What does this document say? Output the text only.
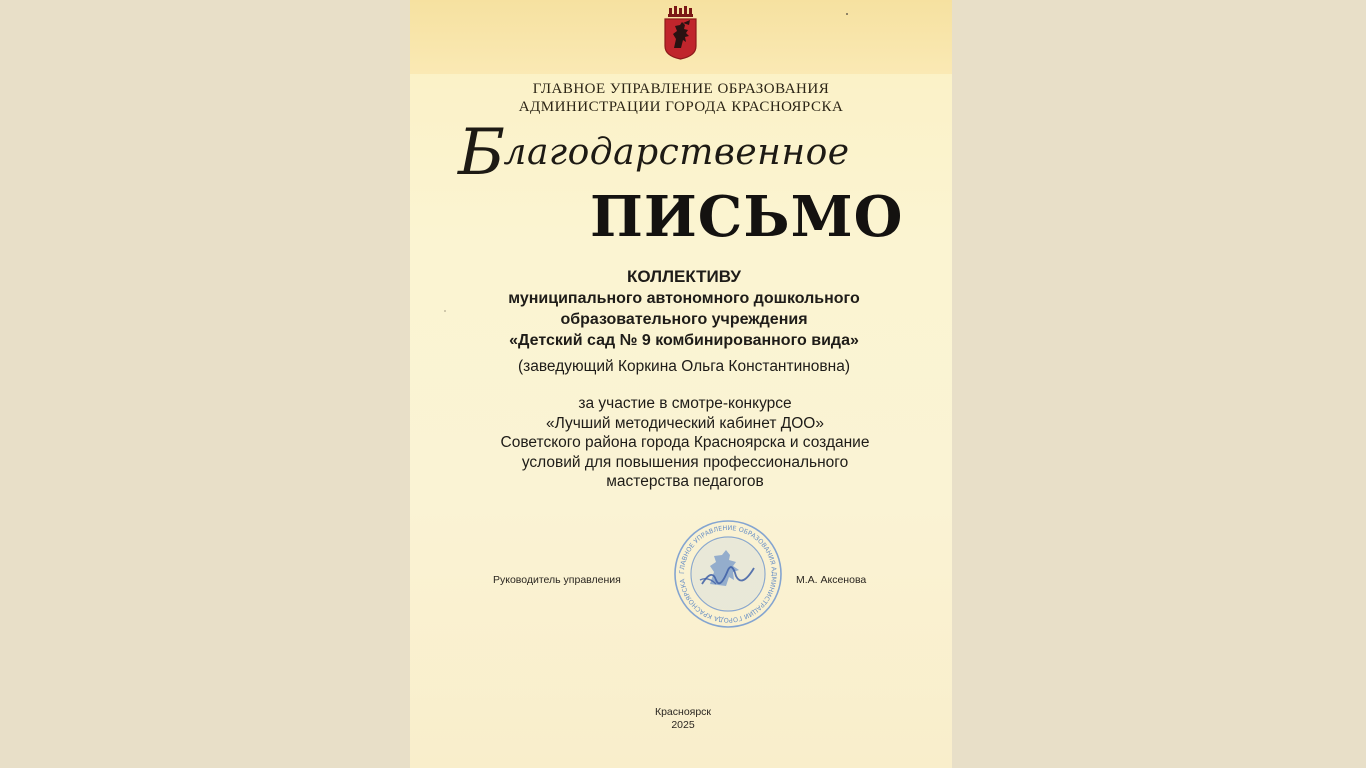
ГЛАВНОЕ УПРАВЛЕНИЕ ОБРАЗОВАНИЯ
АДМИНИСТРАЦИИ ГОРОДА КРАСНОЯРСКА
Благодарственное
ПИСЬМО
КОЛЛЕКТИВУ
муниципального автономного дошкольного
образовательного учреждения
«Детский сад № 9 комбинированного вида»
(заведующий Коркина Ольга Константиновна)
за участие в смотре-конкурсе
«Лучший методический кабинет ДОО»
Советского района города Красноярска и создание
условий для повышения профессионального
мастерства педагогов
Руководитель управления	М.А. Аксенова
ГЛАВНОЕ УПРАВЛЕНИЕ ОБРАЗОВАНИЯ АДМИНИСТРАЦИИ ГОРОДА КРАСНОЯРСКА
Красноярск
2025
